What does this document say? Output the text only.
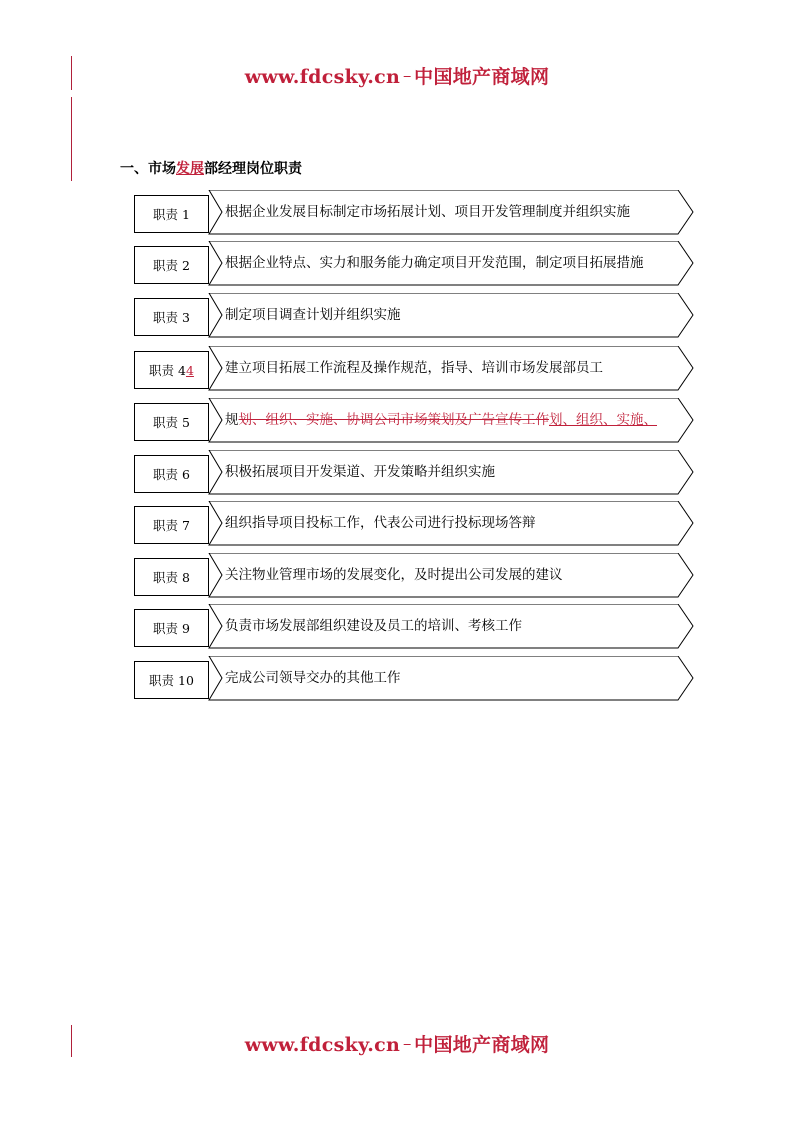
www.fdcsky.cn 中国地产商域网
一、市场发展部经理岗位职责
职责 1	根据企业发展目标制定市场拓展计划、项目开发管理制度并组织实施
职责 2	根据企业特点、实力和服务能力确定项目开发范围，制定项目拓展措施
职责 3	制定项目调查计划并组织实施
职责 4 4 建立项目拓展工作流程及操作规范，指导、培训市场发展部员工
职责 5	规划、组织、实施、协调公司市场策划及广告宣传工作划、组织、实施、
职责 6	积极拓展项目开发渠道、开发策略并组织实施
职责 7	组织指导项目投标工作，代表公司进行投标现场答辩
职责 8	关注物业管理市场的发展变化，及时提出公司发展的建议
职责 9	负责市场发展部组织建设及员工的培训、考核工作
职责 10 完成公司领导交办的其他工作
www.fdcsky.cn 中国地产商域网
